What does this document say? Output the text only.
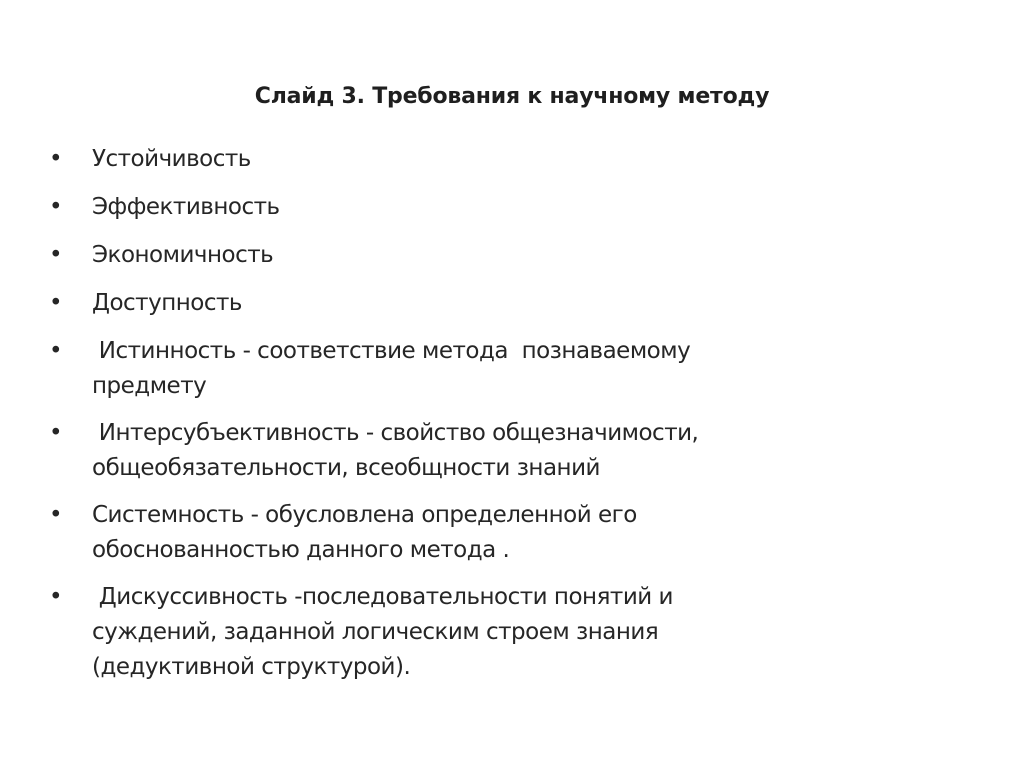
Слайд 3. Требования к научному методу
•	Устойчивость
•	Эффективность
•	Экономичность
•	Доступность
•	Истинность - соответствие метода  познаваемому
предмету
•	Интерсубъективность - свойство общезначимости,
общеобязательности, всеобщности знаний
•	Системность - обусловлена определенной его
обоснованностью данного метода .
•	Дискуссивность -последовательности понятий и
суждений, заданной логическим строем знания
(дедуктивной структурой).
